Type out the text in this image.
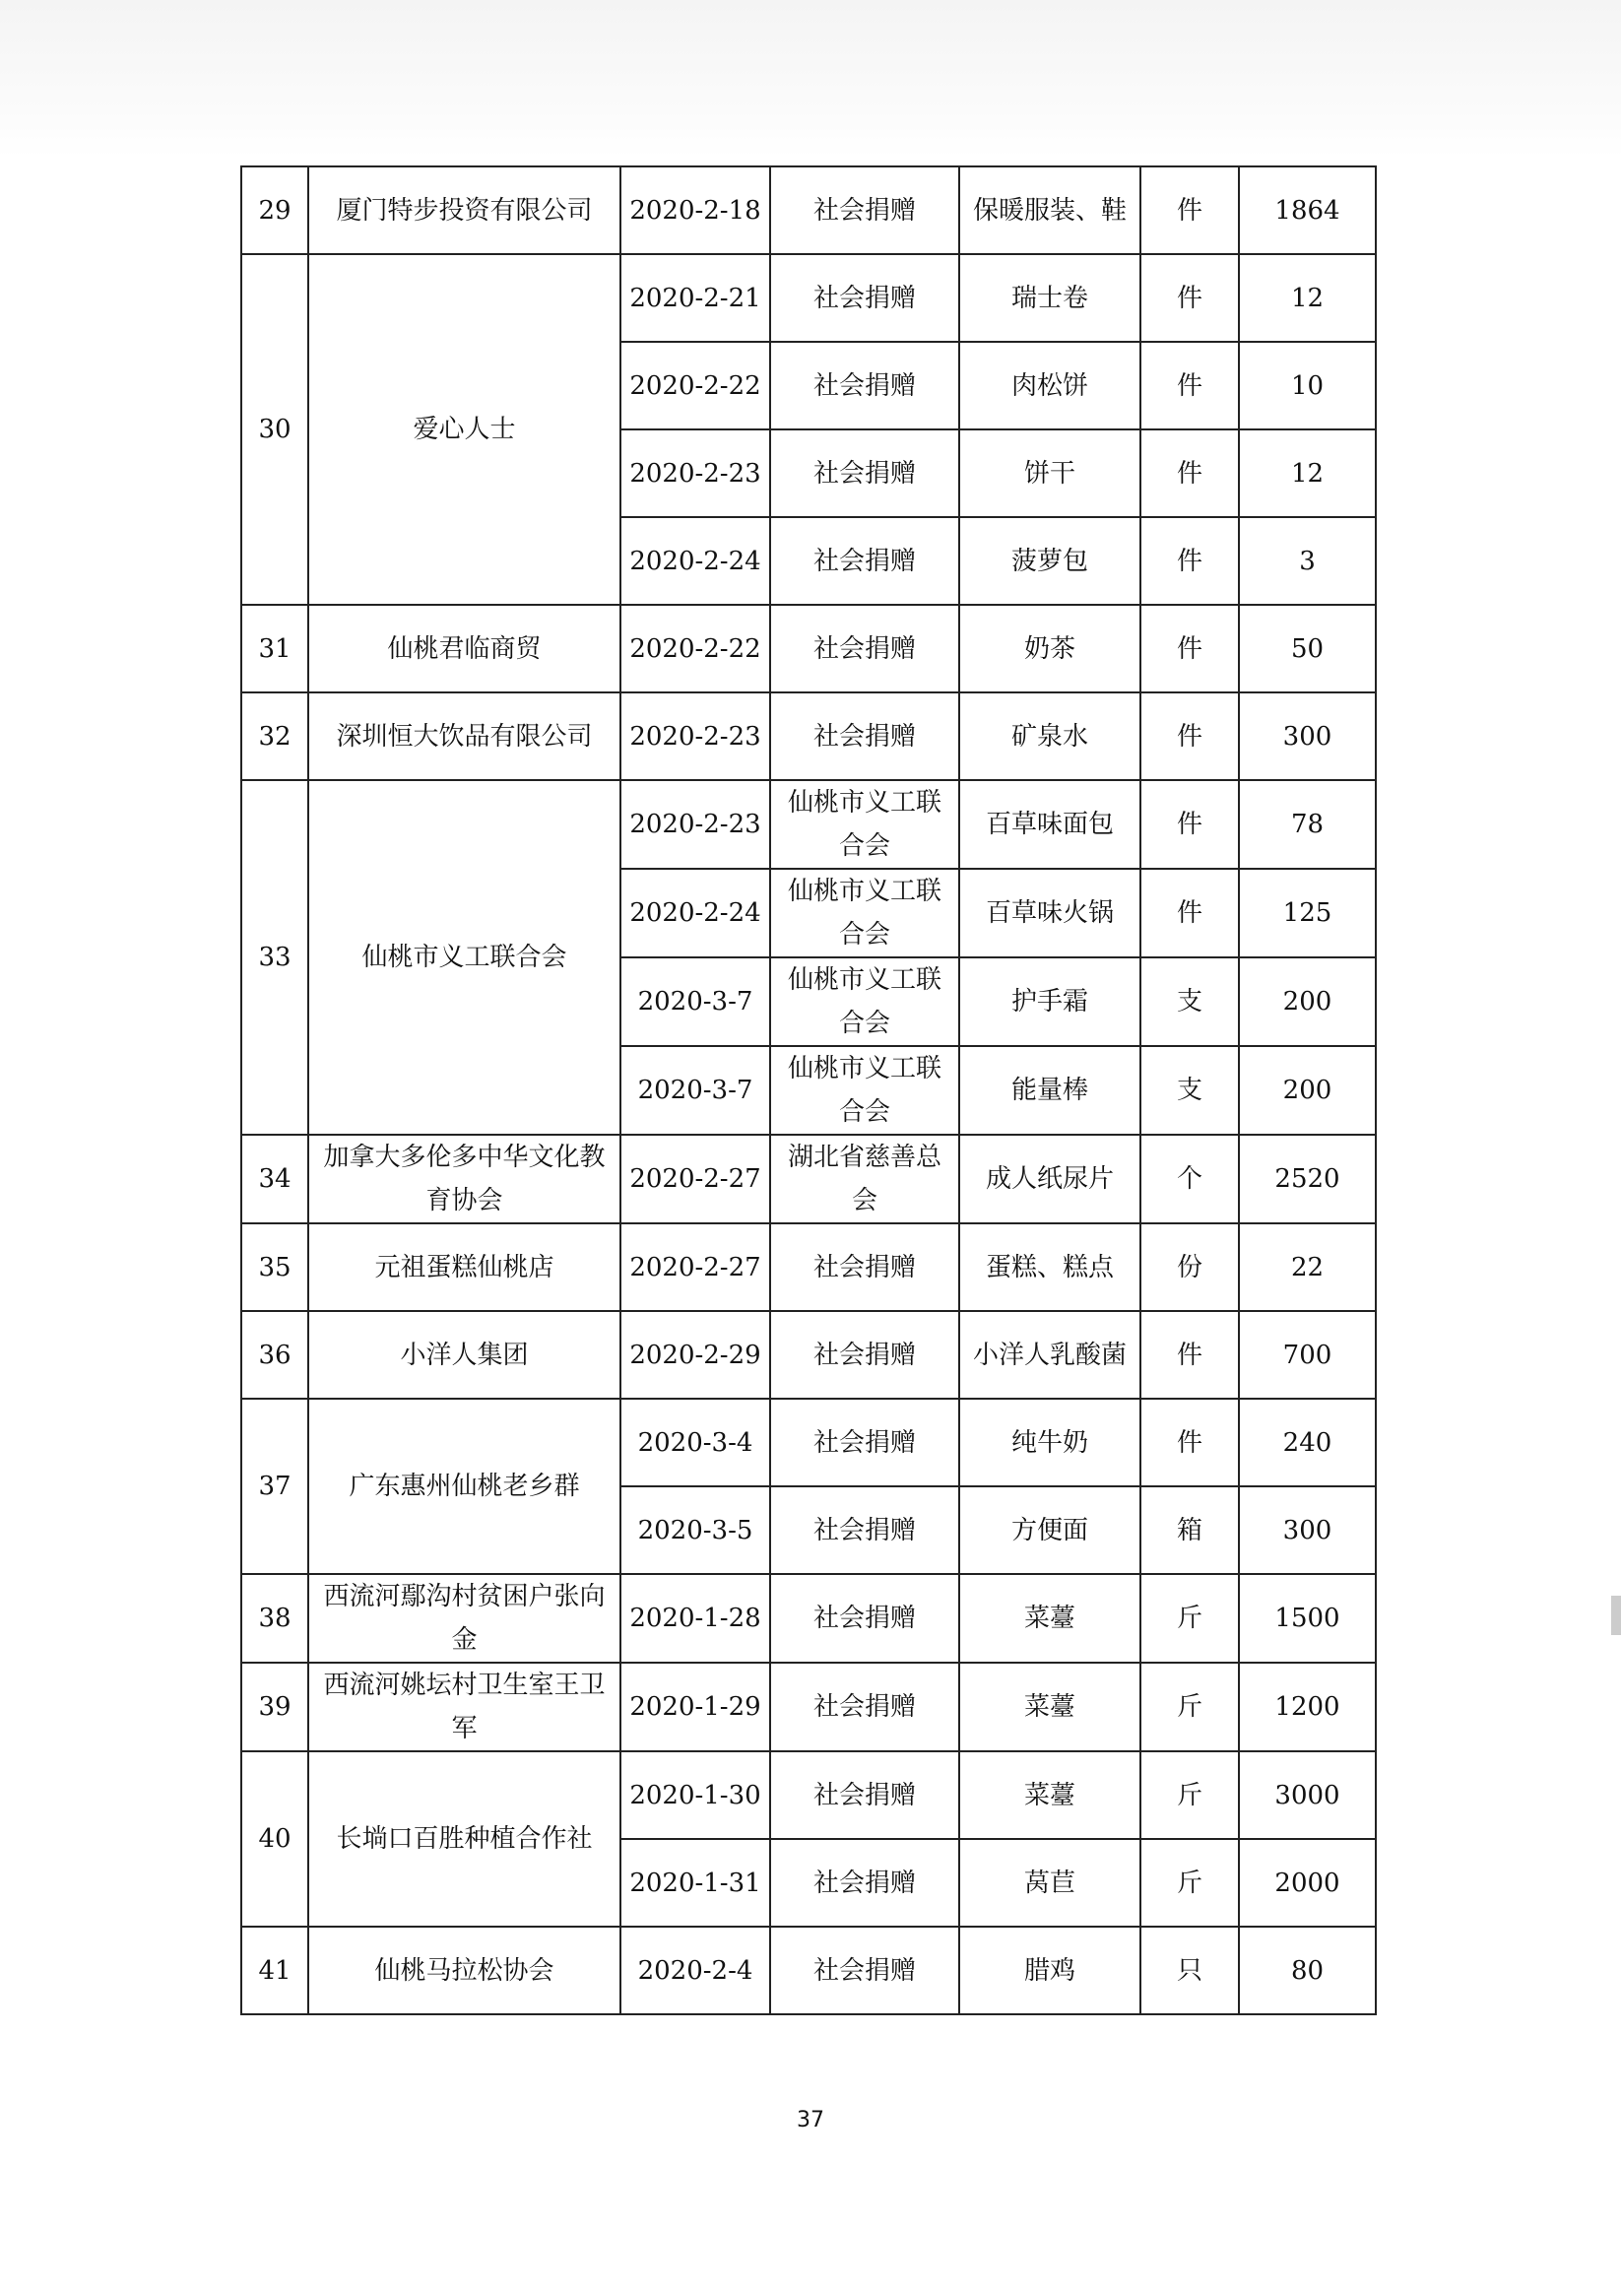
29	厦门特步投资有限公司	2020-2-18	社会捐赠	保暖服装、鞋	件	1864
30	爱心人士	2020-2-21	社会捐赠	瑞士卷	件	12
		2020-2-22	社会捐赠	肉松饼	件	10
		2020-2-23	社会捐赠	饼干	件	12
		2020-2-24	社会捐赠	菠萝包	件	3
31	仙桃君临商贸	2020-2-22	社会捐赠	奶茶	件	50
32	深圳恒大饮品有限公司	2020-2-23	社会捐赠	矿泉水	件	300
33	仙桃市义工联合会	2020-2-23	仙桃市义工联合会	百草味面包	件	78
		2020-2-24	仙桃市义工联合会	百草味火锅	件	125
		2020-3-7	仙桃市义工联合会	护手霜	支	200
		2020-3-7	仙桃市义工联合会	能量棒	支	200
34	加拿大多伦多中华文化教育协会	2020-2-27	湖北省慈善总会	成人纸尿片	个	2520
35	元祖蛋糕仙桃店	2020-2-27	社会捐赠	蛋糕、糕点	份	22
36	小洋人集团	2020-2-29	社会捐赠	小洋人乳酸菌	件	700
37	广东惠州仙桃老乡群	2020-3-4	社会捐赠	纯牛奶	件	240
		2020-3-5	社会捐赠	方便面	箱	300
38	西流河鄢沟村贫困户张向金	2020-1-28	社会捐赠	菜薹	斤	1500
39	西流河姚坛村卫生室王卫军	2020-1-29	社会捐赠	菜薹	斤	1200
40	长埫口百胜种植合作社	2020-1-30	社会捐赠	菜薹	斤	3000
		2020-1-31	社会捐赠	莴苣	斤	2000
41	仙桃马拉松协会	2020-2-4	社会捐赠	腊鸡	只	80
37
